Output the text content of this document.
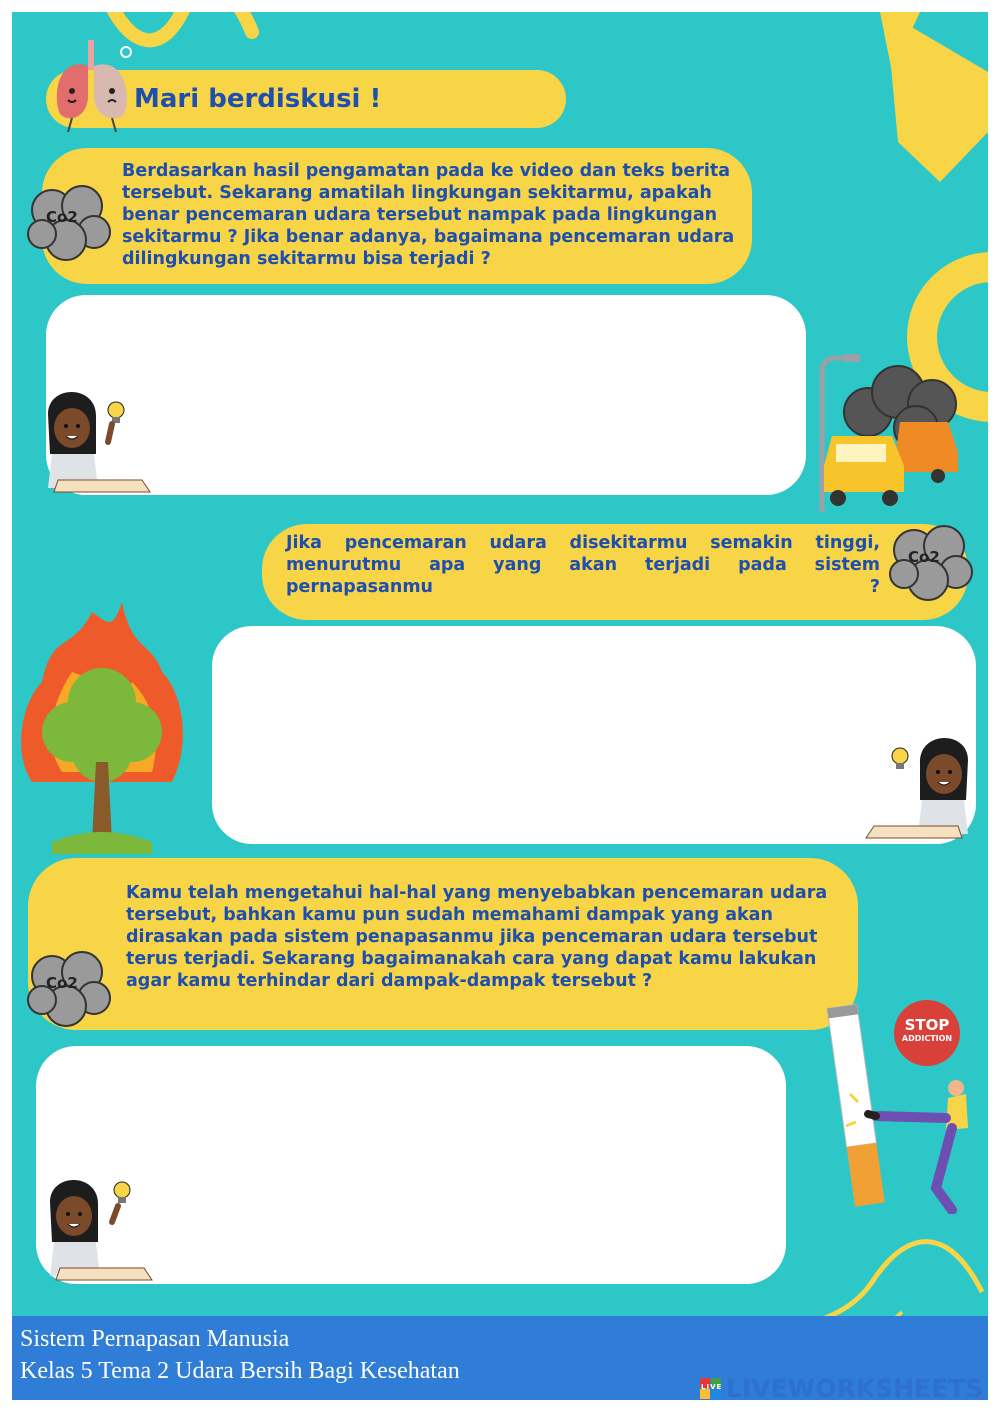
Mari berdiskusi !
Co2
Berdasarkan hasil pengamatan pada ke video dan teks berita tersebut. Sekarang amatilah lingkungan sekitarmu, apakah benar pencemaran udara tersebut nampak pada lingkungan sekitarmu ? Jika benar adanya, bagaimana pencemaran udara dilingkungan sekitarmu bisa terjadi ?
Jika pencemaran udara disekitarmu semakin tinggi, menurutmu apa yang akan terjadi pada sistem pernapasanmu ?
Co2
Co2
Kamu telah mengetahui hal-hal yang menyebabkan pencemaran udara tersebut, bahkan kamu pun sudah memahami dampak yang akan dirasakan pada sistem penapasanmu jika pencemaran udara tersebut terus terjadi. Sekarang bagaimanakah cara yang dapat kamu lakukan agar kamu terhindar dari dampak-dampak tersebut ?
STOP
ADDICTION
Sistem Pernapasan Manusia
Kelas 5 Tema 2 Udara Bersih Bagi Kesehatan
LIVE LIVEWORKSHEETS
